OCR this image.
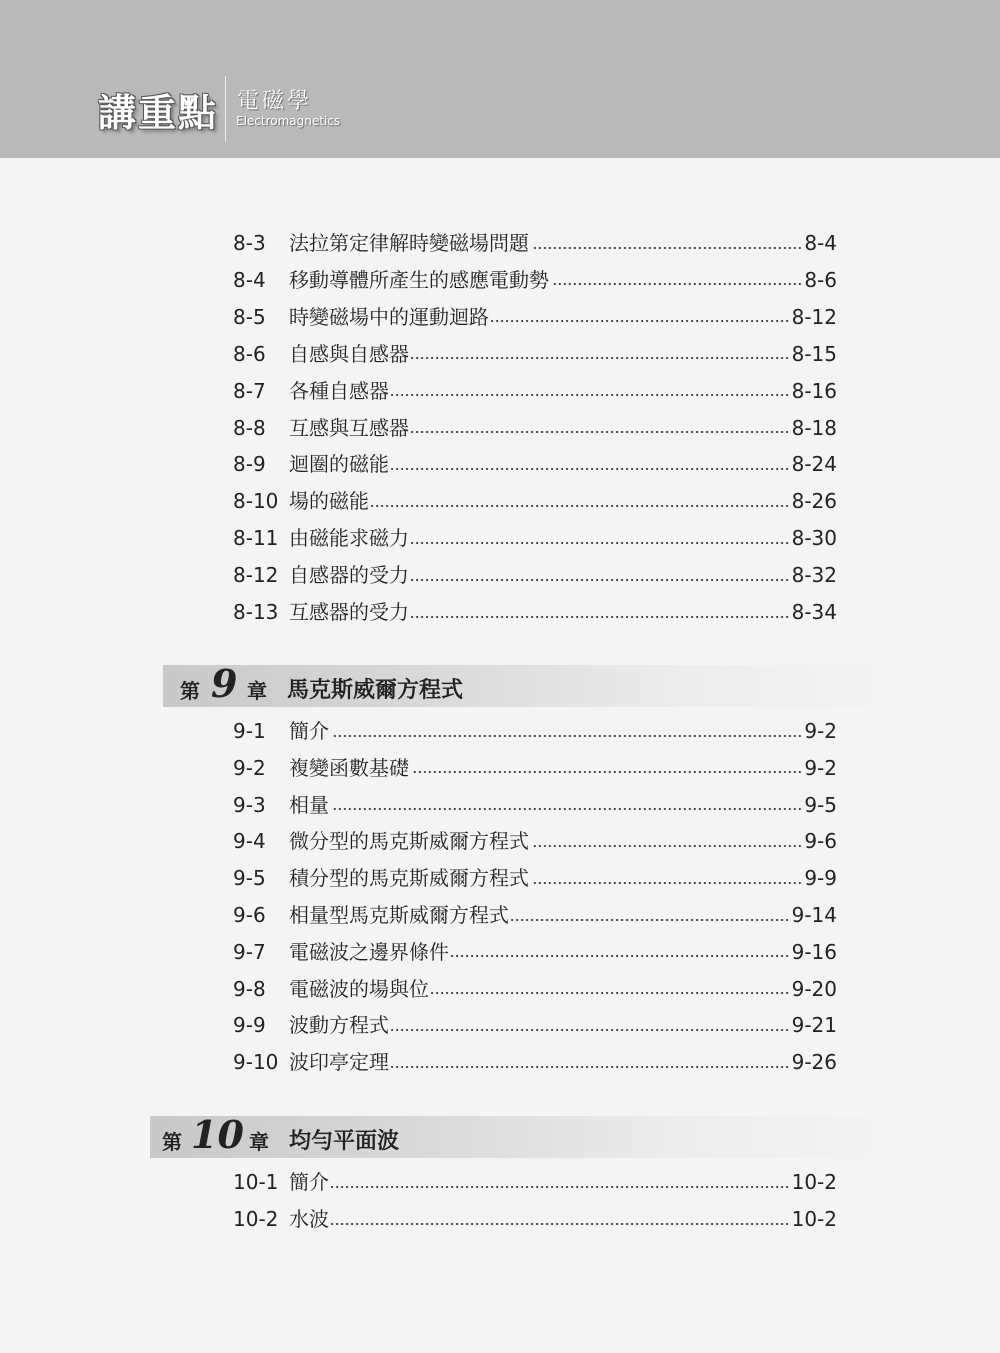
講重點 電磁學
Electromagnetics
8-3	法拉第定律解時變磁場問題	8-4
8-4	移動導體所產生的感應電動勢	8-6
8-5	時變磁場中的運動迴路	8-12
8-6	自感與自感器	8-15
8-7	各種自感器	8-16
8-8	互感與互感器	8-18
8-9	迴圈的磁能	8-24
8-10 場的磁能	8-26
8-11 由磁能求磁力	8-30
8-12 自感器的受力	8-32
8-13 互感器的受力	8-34
9-1	簡介	9-2
9-2	複變函數基礎	9-2
9-3	相量	9-5
9-4	微分型的馬克斯威爾方程式	9-6
9-5	積分型的馬克斯威爾方程式	9-9
9-6	相量型馬克斯威爾方程式	9-14
9-7	電磁波之邊界條件	9-16
9-8	電磁波的場與位	9-20
9-9	波動方程式	9-21
9-10 波印亭定理	9-26
10-1 簡介	10-2
10-2 水波	10-2
第 9 章 馬克斯威爾方程式
第 10 章 均勻平面波
